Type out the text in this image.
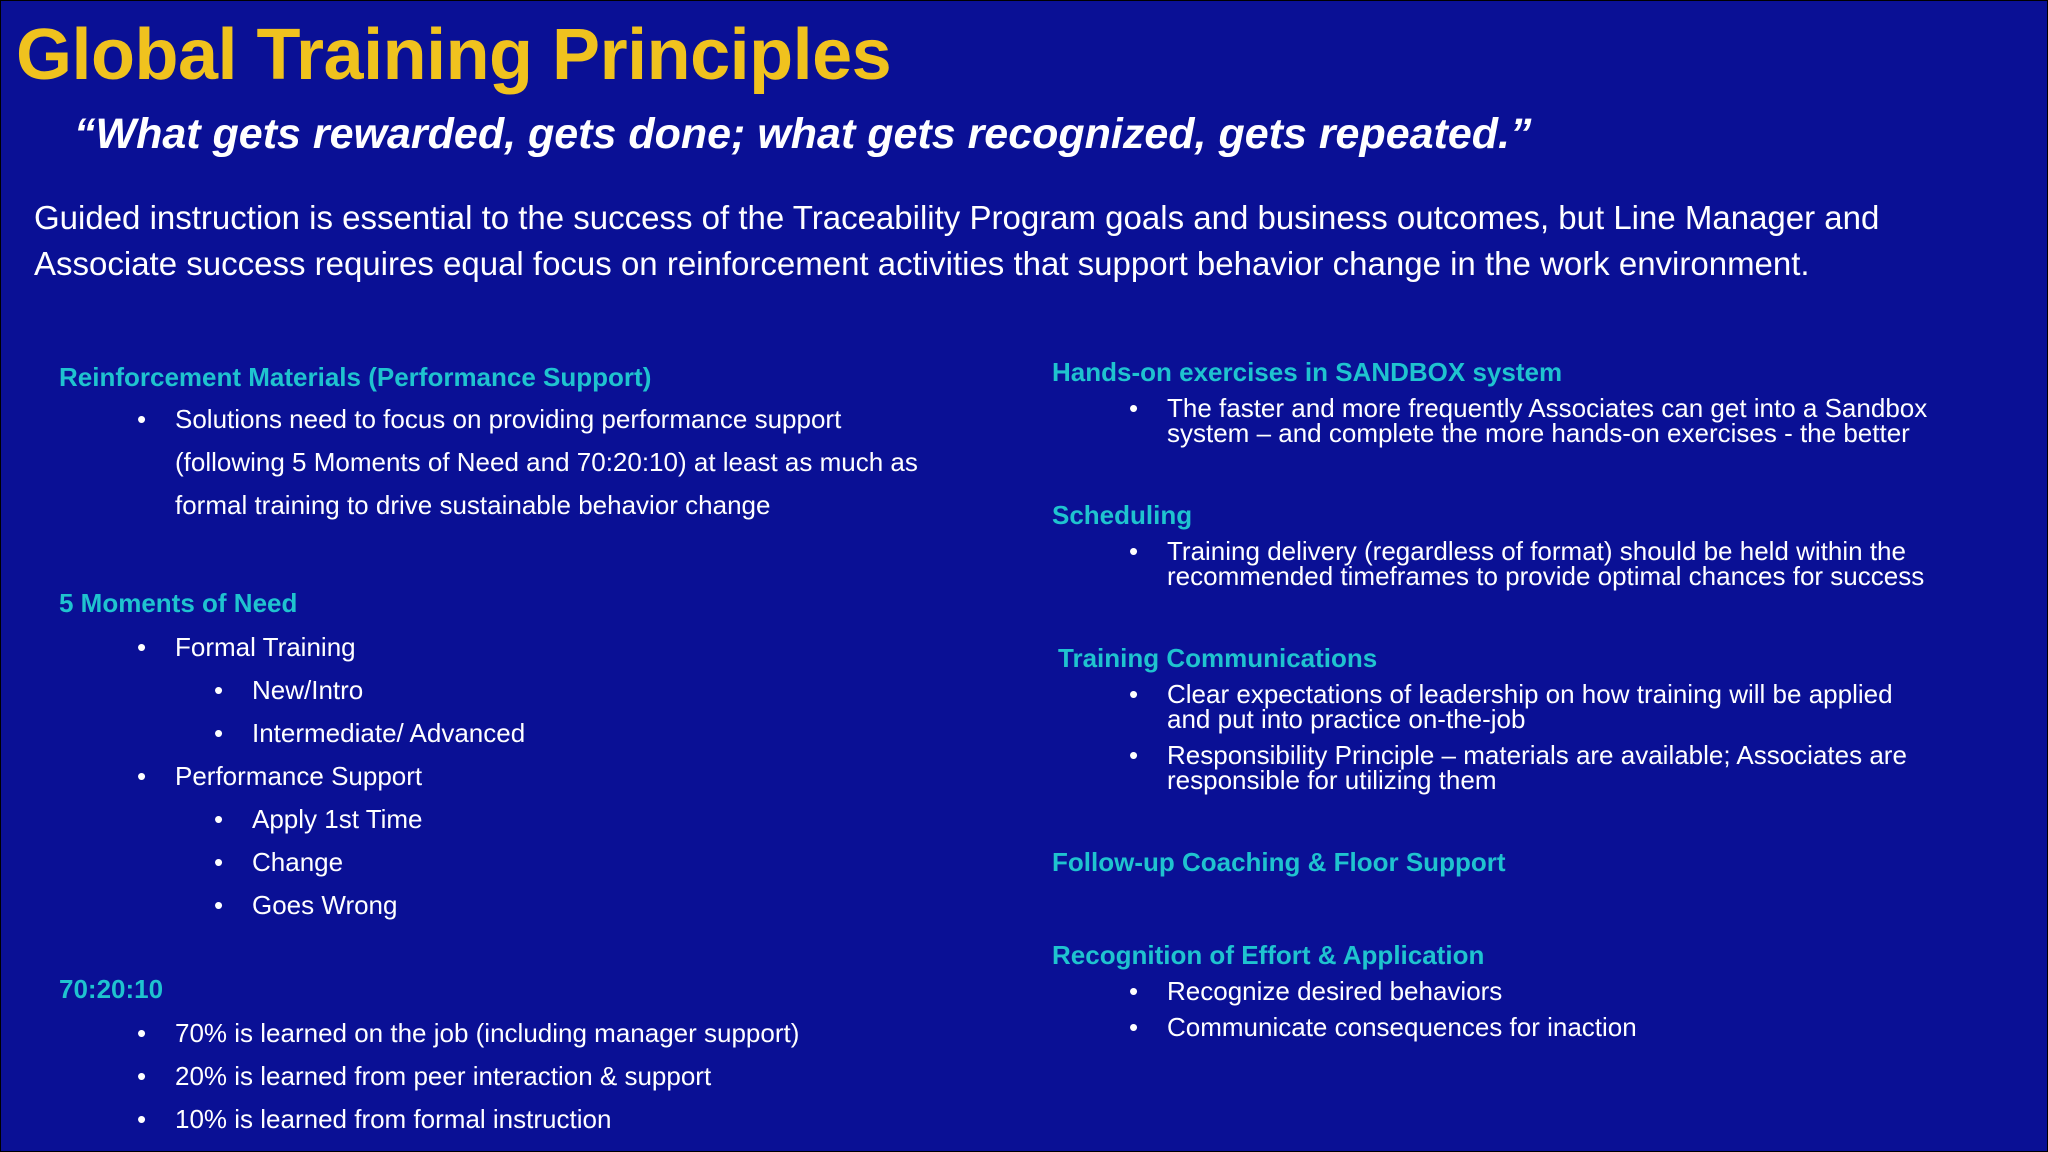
Global Training Principles
“What gets rewarded, gets done; what gets recognized, gets repeated.”
Guided instruction is essential to the success of the Traceability Program goals and business outcomes, but Line Manager and
Associate success requires equal focus on reinforcement activities that support behavior change in the work environment.
Reinforcement Materials (Performance Support)
• Solutions need to focus on providing performance support
(following 5 Moments of Need and 70:20:10) at least as much as
formal training to drive sustainable behavior change
5 Moments of Need
• Formal Training
• New/Intro
• Intermediate/ Advanced
• Performance Support
• Apply 1st Time
• Change
• Goes Wrong
70:20:10
• 70% is learned on the job (including manager support)
• 20% is learned from peer interaction & support
• 10% is learned from formal instruction
Hands-on exercises in SANDBOX system
• The faster and more frequently Associates can get into a Sandbox
system – and complete the more hands-on exercises - the better
Scheduling
• Training delivery (regardless of format) should be held within the
recommended timeframes to provide optimal chances for success
Training Communications
• Clear expectations of leadership on how training will be applied
and put into practice on-the-job
• Responsibility Principle – materials are available; Associates are
responsible for utilizing them
Follow-up Coaching & Floor Support
Recognition of Effort & Application
• Recognize desired behaviors
• Communicate consequences for inaction
